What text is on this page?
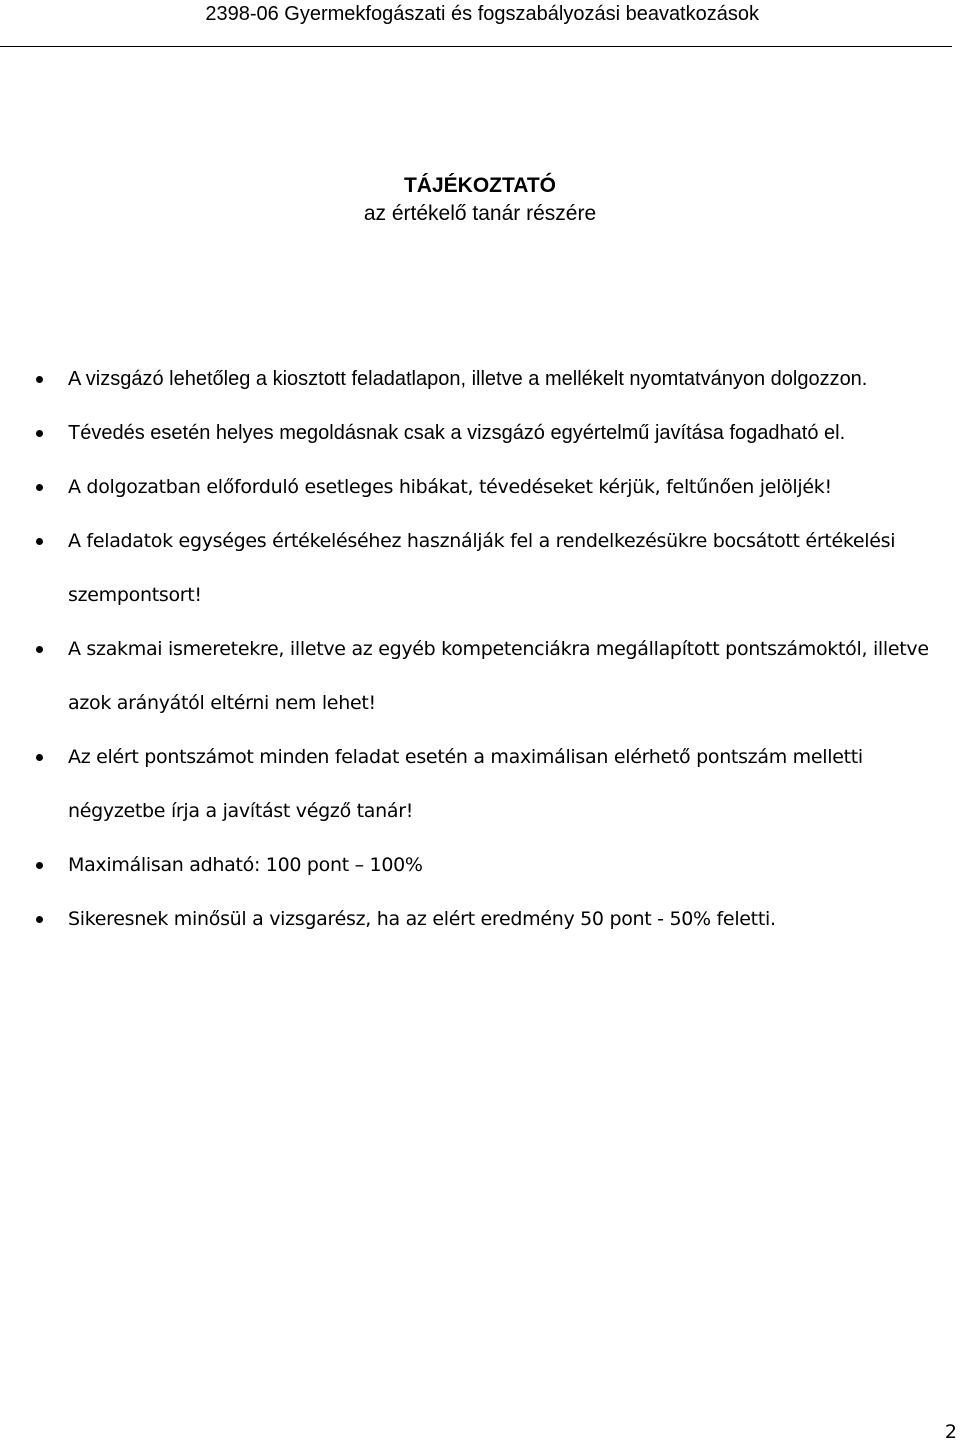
2398-06 Gyermekfogászati és fogszabályozási beavatkozások
TÁJÉKOZTATÓ
az értékelő tanár részére
A vizsgázó lehetőleg a kiosztott feladatlapon, illetve a mellékelt nyomtatványon dolgozzon.
Tévedés esetén helyes megoldásnak csak a vizsgázó egyértelmű javítása fogadható el.
A dolgozatban előforduló esetleges hibákat, tévedéseket kérjük, feltűnően jelöljék!
A feladatok egységes értékeléséhez használják fel a rendelkezésükre bocsátott értékelési szempontsort!
A szakmai ismeretekre, illetve az egyéb kompetenciákra megállapított pontszámoktól, illetve azok arányától eltérni nem lehet!
Az elért pontszámot minden feladat esetén a maximálisan elérhető pontszám melletti négyzetbe írja a javítást végző tanár!
Maximálisan adható: 100 pont – 100%
Sikeresnek minősül a vizsgarész, ha az elért eredmény 50 pont - 50% feletti.
2
